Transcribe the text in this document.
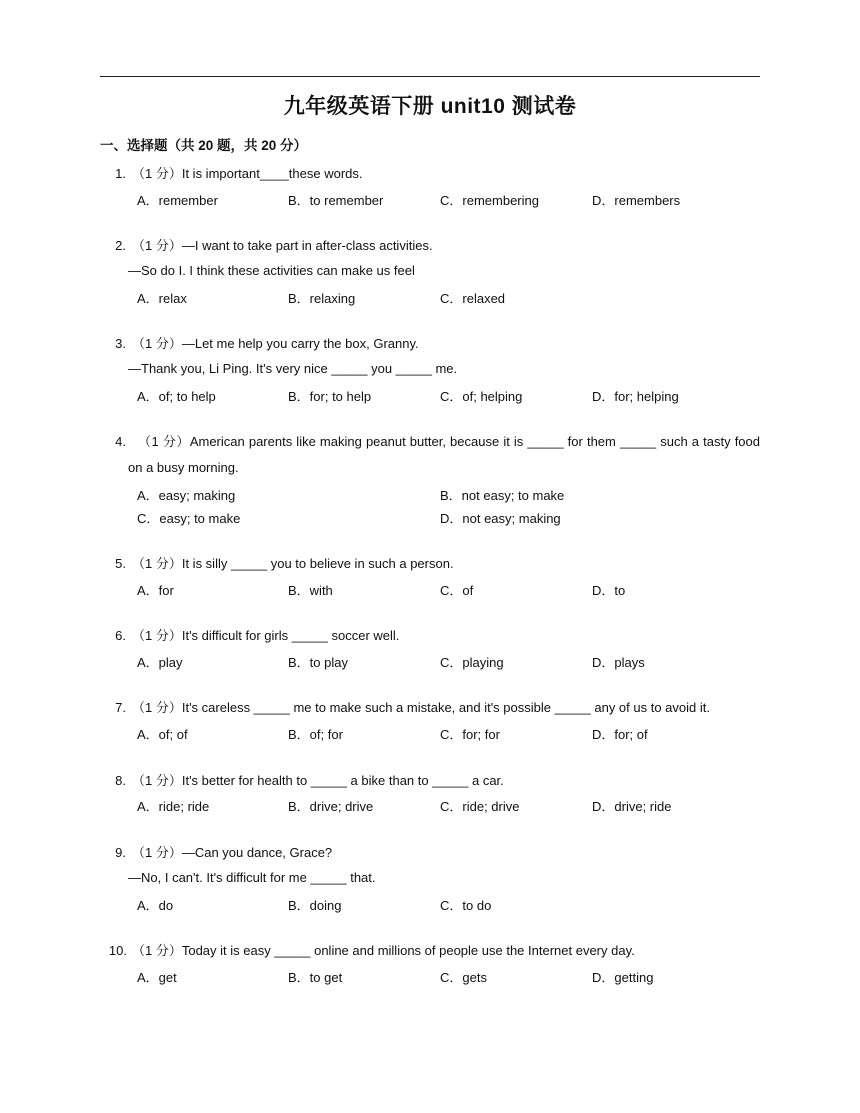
九年级英语下册 unit10 测试卷
一、选择题（共 20 题，共 20 分）
1. （1 分）It is important____these words.
A．remember	B．to remember	C．remembering	D．remembers
2. （1 分）—I want to take part in after-class activities.
—So do I. I think these activities can make us feel
A．relax	B．relaxing	C．relaxed
3. （1 分）—Let me help you carry the box, Granny.
—Thank you, Li Ping. It's very nice _____ you _____ me.
A．of; to help	B．for; to help	C．of; helping	D．for; helping
4. （1 分）American parents like making peanut butter, because it is _____ for them _____ such a tasty food on a busy morning.
A．easy; making	B．not easy; to make
C．easy; to make	D．not easy; making
5. （1 分）It is silly _____ you to believe in such a person.
A．for	B．with	C．of	D．to
6. （1 分）It's difficult for girls _____ soccer well.
A．play	B．to play	C．playing	D．plays
7. （1 分）It's careless _____ me to make such a mistake, and it's possible _____ any of us to avoid it.
A．of; of	B．of; for	C．for; for	D．for; of
8. （1 分）It's better for health to _____ a bike than to _____ a car.
A．ride; ride	B．drive; drive	C．ride; drive	D．drive; ride
9. （1 分）—Can you dance, Grace?
—No, I can't. It's difficult for me _____ that.
A．do	B．doing	C．to do
10. （1 分）Today it is easy _____ online and millions of people use the Internet every day.
A．get	B．to get	C．gets	D．getting
